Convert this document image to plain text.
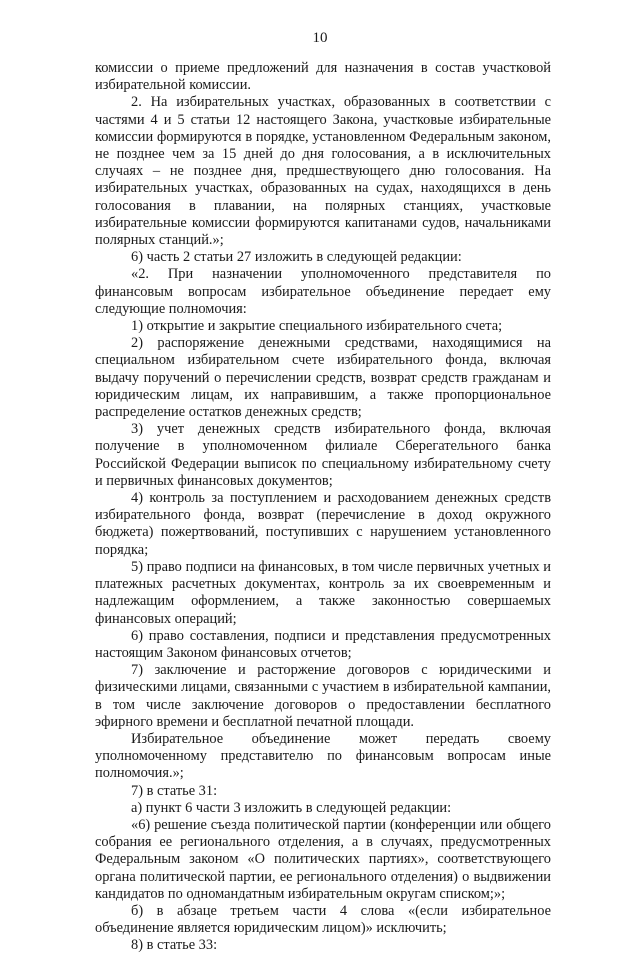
10

комиссии о приеме предложений для назначения в состав участковой избирательной комиссии.

2. На избирательных участках, образованных в соответствии с частями 4 и 5 статьи 12 настоящего Закона, участковые избирательные комиссии формируются в порядке, установленном Федеральным законом, не позднее чем за 15 дней до дня голосования, а в исключительных случаях – не позднее дня, предшествующего дню голосования. На избирательных участках, образованных на судах, находящихся в день голосования в плавании, на полярных станциях, участковые избирательные комиссии формируются капитанами судов, начальниками полярных станций.»;

6) часть 2 статьи 27 изложить в следующей редакции:

«2. При назначении уполномоченного представителя по финансовым вопросам избирательное объединение передает ему следующие полномочия:

1) открытие и закрытие специального избирательного счета;

2) распоряжение денежными средствами, находящимися на специальном избирательном счете избирательного фонда, включая выдачу поручений о перечислении средств, возврат средств гражданам и юридическим лицам, их направившим, а также пропорциональное распределение остатков денежных средств;

3) учет денежных средств избирательного фонда, включая получение в уполномоченном филиале Сберегательного банка Российской Федерации выписок по специальному избирательному счету и первичных финансовых документов;

4) контроль за поступлением и расходованием денежных средств избирательного фонда, возврат (перечисление в доход окружного бюджета) пожертвований, поступивших с нарушением установленного порядка;

5) право подписи на финансовых, в том числе первичных учетных и платежных расчетных документах, контроль за их своевременным и надлежащим оформлением, а также законностью совершаемых финансовых операций;

6) право составления, подписи и представления предусмотренных настоящим Законом финансовых отчетов;

7) заключение и расторжение договоров с юридическими и физическими лицами, связанными с участием в избирательной кампании, в том числе заключение договоров о предоставлении бесплатного эфирного времени и бесплатной печатной площади.

Избирательное объединение может передать своему уполномоченному представителю по финансовым вопросам иные полномочия.»;

7) в статье 31:

а) пункт 6 части 3 изложить в следующей редакции:

«6) решение съезда политической партии (конференции или общего собрания ее регионального отделения, а в случаях, предусмотренных Федеральным законом «О политических партиях», соответствующего органа политической партии, ее регионального отделения) о выдвижении кандидатов по одномандатным избирательным округам списком;»;

б) в абзаце третьем части 4 слова «(если избирательное объединение является юридическим лицом)» исключить;

8) в статье 33:
